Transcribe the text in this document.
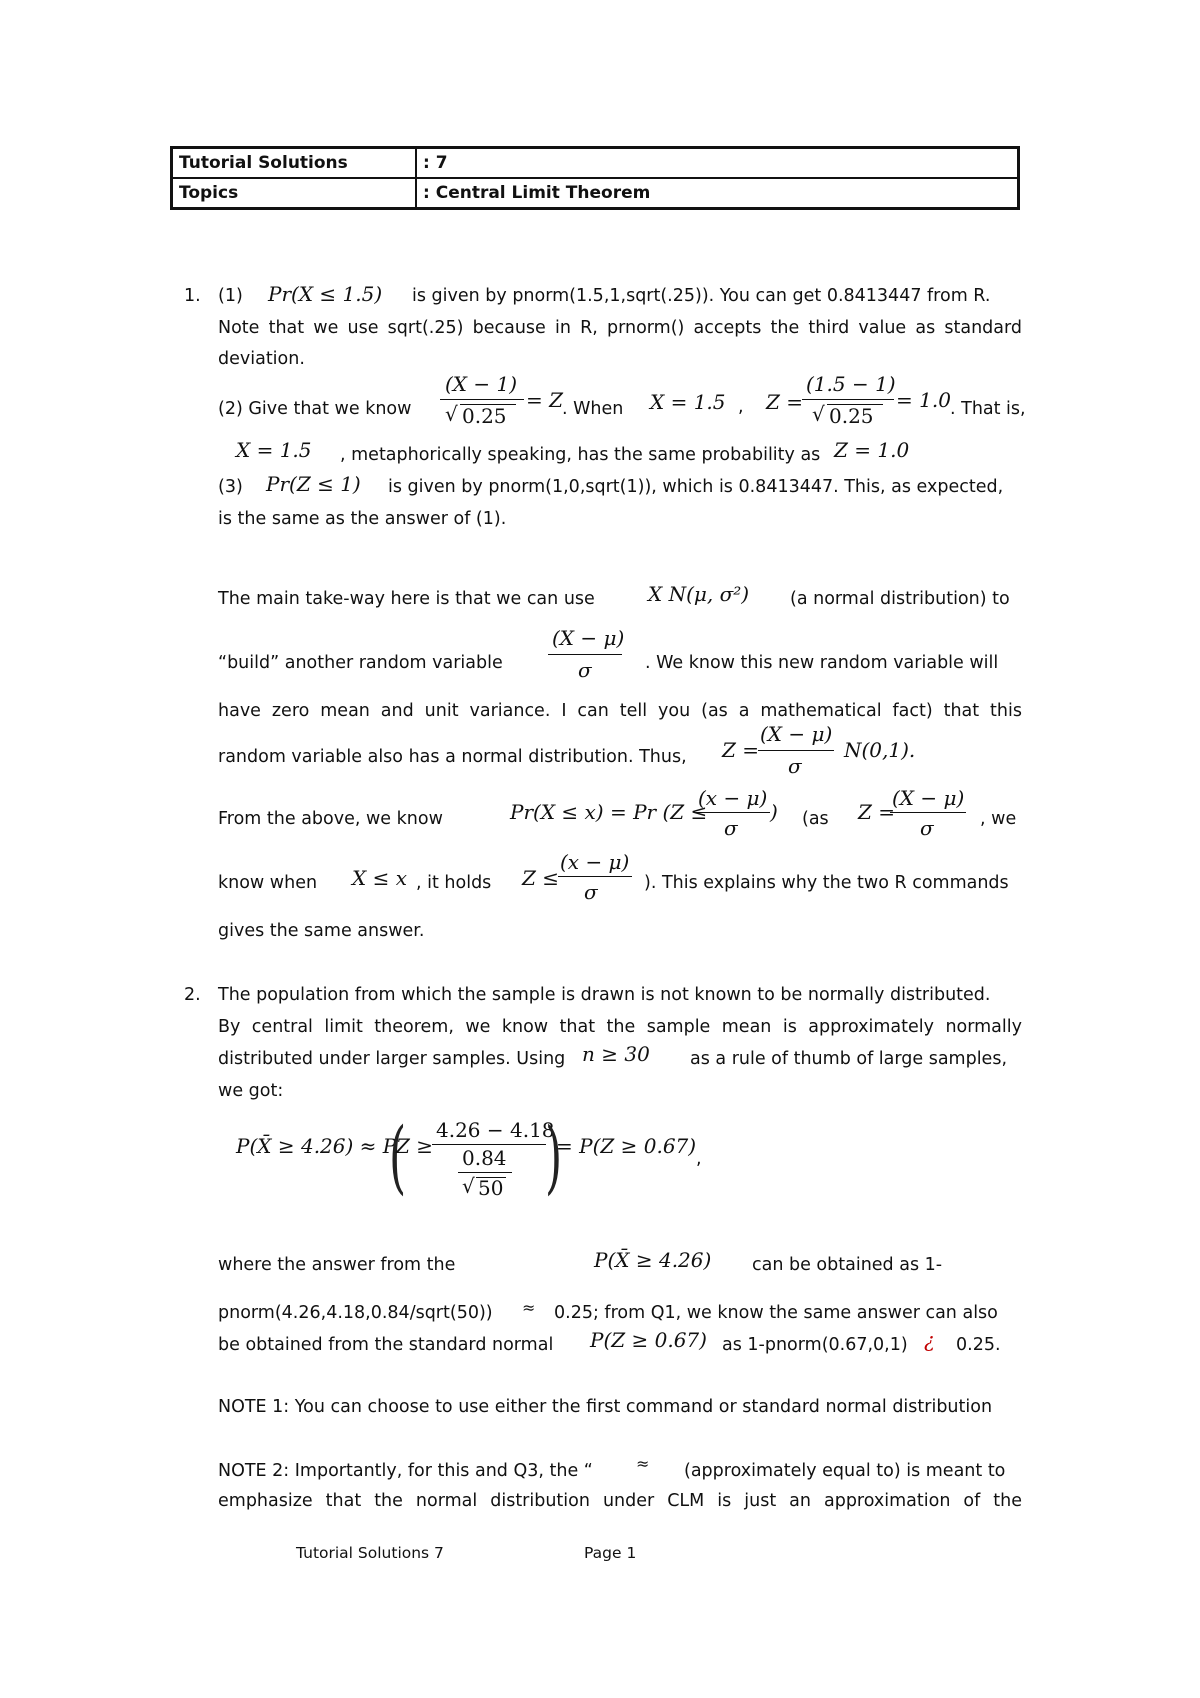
Tutorial Solutions	: 7
Topics	: Central Limit Theorem
1. (1) Pr(X ≤ 1.5) is given by pnorm(1.5,1,sqrt(.25)). You can get 0.8413447 from R.
Note that we use sqrt(.25) because in R, prnorm() accepts the third value as standard
deviation.
(2) Give that we know
(X − 1)
√ 0.25
= Z
. When X = 1.5 , Z =
(1.5 − 1)
√ 0.25
= 1.0 . That is,
X = 1.5 , metaphorically speaking, has the same probability as Z = 1.0
(3) Pr(Z ≤ 1) is given by pnorm(1,0,sqrt(1)), which is 0.8413447. This, as expected,
is the same as the answer of (1).
The main take-way here is that we can use	X N(μ, σ²) (a normal distribution) to
“build” another random variable
(X − μ)
σ	. We know this new random variable will
have zero mean and unit variance. I can tell you (as a mathematical fact) that this
random variable also has a normal distribution. Thus, Z =
(X − μ)
σ
N(0,1).
From the above, we know	Pr(X ≤ x) = Pr (Z ≤
(x − μ)
σ
) (as Z =
(X − μ)
σ	, we
know when X ≤ x , it holds Z ≤
(x − μ)
σ	). This explains why the two R commands
gives the same answer.
2. The population from which the sample is drawn is not known to be normally distributed.
By central limit theorem, we know that the sample mean is approximately normally
distributed under larger samples. Using n ≥ 30 as a rule of thumb of large samples,
we got:
P(X̄ ≥ 4.26) ≈ P
(
Z ≥
4.26 − 4.18
0.84
√ 50 )
= P(Z ≥ 0.67)
,
where the answer from the	P(X̄ ≥ 4.26) can be obtained as 1-
pnorm(4.26,4.18,0.84/sqrt(50)) ≈ 0.25; from Q1, we know the same answer can also
be obtained from the standard normal P(Z ≥ 0.67) as 1-pnorm(0.67,0,1) ¿ 0.25.
NOTE 1: You can choose to use either the first command or standard normal distribution
NOTE 2: Importantly, for this and Q3, the “	≈ (approximately equal to) is meant to
emphasize that the normal distribution under CLM is just an approximation of the
Tutorial Solutions 7	Page 1
